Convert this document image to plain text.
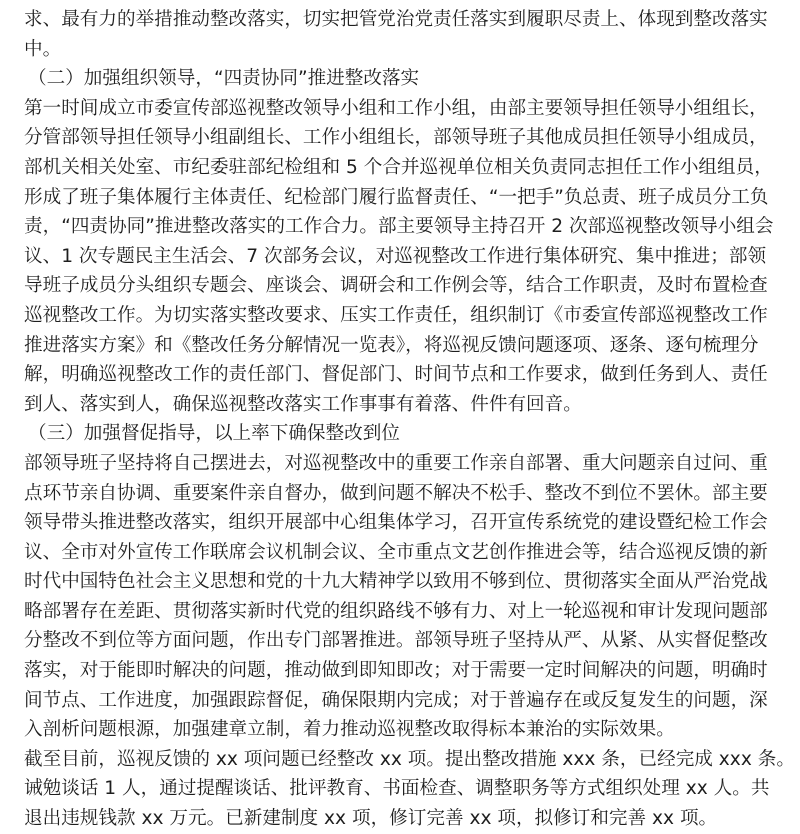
求、最有力的举措推动整改落实，切实把管党治党责任落实到履职尽责上、体现到整改落实
中。
（二）加强组织领导，“四责协同”推进整改落实
第一时间成立市委宣传部巡视整改领导小组和工作小组，由部主要领导担任领导小组组长，
分管部领导担任领导小组副组长、工作小组组长，部领导班子其他成员担任领导小组成员，
部机关相关处室、市纪委驻部纪检组和 5 个合并巡视单位相关负责同志担任工作小组组员，
形成了班子集体履行主体责任、纪检部门履行监督责任、“一把手”负总责、班子成员分工负
责，“四责协同”推进整改落实的工作合力。部主要领导主持召开 2 次部巡视整改领导小组会
议、1 次专题民主生活会、7 次部务会议，对巡视整改工作进行集体研究、集中推进；部领
导班子成员分头组织专题会、座谈会、调研会和工作例会等，结合工作职责，及时布置检查
巡视整改工作。为切实落实整改要求、压实工作责任，组织制订《市委宣传部巡视整改工作
推进落实方案》和《整改任务分解情况一览表》，将巡视反馈问题逐项、逐条、逐句梳理分
解，明确巡视整改工作的责任部门、督促部门、时间节点和工作要求，做到任务到人、责任
到人、落实到人，确保巡视整改落实工作事事有着落、件件有回音。
（三）加强督促指导，以上率下确保整改到位
部领导班子坚持将自己摆进去，对巡视整改中的重要工作亲自部署、重大问题亲自过问、重
点环节亲自协调、重要案件亲自督办，做到问题不解决不松手、整改不到位不罢休。部主要
领导带头推进整改落实，组织开展部中心组集体学习，召开宣传系统党的建设暨纪检工作会
议、全市对外宣传工作联席会议机制会议、全市重点文艺创作推进会等，结合巡视反馈的新
时代中国特色社会主义思想和党的十九大精神学以致用不够到位、贯彻落实全面从严治党战
略部署存在差距、贯彻落实新时代党的组织路线不够有力、对上一轮巡视和审计发现问题部
分整改不到位等方面问题，作出专门部署推进。部领导班子坚持从严、从紧、从实督促整改
落实，对于能即时解决的问题，推动做到即知即改；对于需要一定时间解决的问题，明确时
间节点、工作进度，加强跟踪督促，确保限期内完成；对于普遍存在或反复发生的问题，深
入剖析问题根源，加强建章立制，着力推动巡视整改取得标本兼治的实际效果。
截至目前，巡视反馈的 xx 项问题已经整改 xx 项。提出整改措施 xxx 条，已经完成 xxx 条。
诫勉谈话 1 人，通过提醒谈话、批评教育、书面检查、调整职务等方式组织处理 xx 人。共
退出违规钱款 xx 万元。已新建制度 xx 项，修订完善 xx 项，拟修订和完善 xx 项。
